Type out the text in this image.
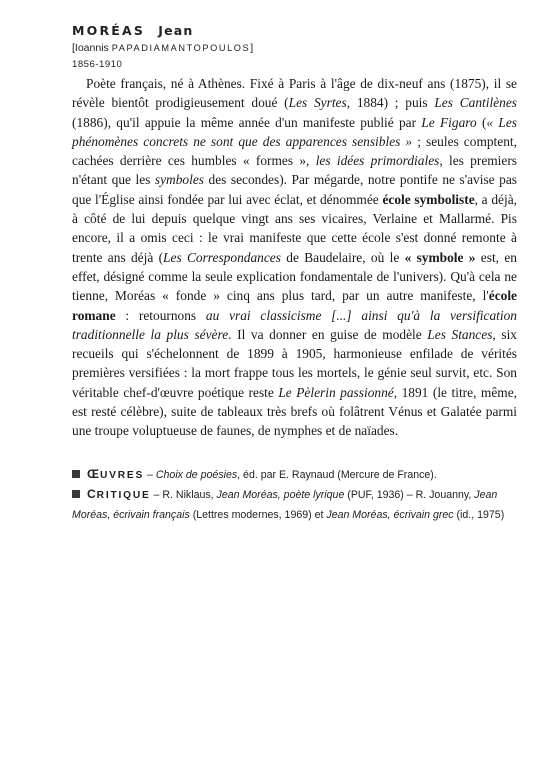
MORÉAS Jean
[Ioannis PAPADIAMANTOPOULOS]
1856-1910

Poète français, né à Athènes. Fixé à Paris à l'âge de dix-neuf ans (1875), il se révèle bientôt prodigieusement doué (Les Syrtes, 1884) ; puis Les Cantilènes (1886), qu'il appuie la même année d'un manifeste publié par Le Figaro (« Les phénomènes concrets ne sont que des apparences sensibles » ; seules comptent, cachées derrière ces humbles « formes », les idées primordiales, les premiers n'étant que les symboles des secondes). Par mégarde, notre pontife ne s'avise pas que l'Église ainsi fondée par lui avec éclat, et dénommée école symboliste, a déjà, à côté de lui depuis quelque vingt ans ses vicaires, Verlaine et Mallarmé. Pis encore, il a omis ceci : le vrai manifeste que cette école s'est donné remonte à trente ans déjà (Les Correspondances de Baudelaire, où le « symbole » est, en effet, désigné comme la seule explication fondamentale de l'univers). Qu'à cela ne tienne, Moréas « fonde » cinq ans plus tard, par un autre manifeste, l'école romane : retournons au vrai classicisme [...] ainsi qu'à la versification traditionnelle la plus sévère. Il va donner en guise de modèle Les Stances, six recueils qui s'échelonnent de 1899 à 1905, harmonieuse enfilade de vérités premières versifiées : la mort frappe tous les mortels, le génie seul survit, etc. Son véritable chef-d'œuvre poétique reste Le Pèlerin passionné, 1891 (le titre, même, est resté célèbre), suite de tableaux très brefs où folâtrent Vénus et Galatée parmi une troupe voluptueuse de faunes, de nymphes et de naïades.

ŒUVRES – Choix de poésies, éd. par E. Raynaud (Mercure de France).

CRITIQUE – R. Niklaus, Jean Moréas, poète lyrique (PUF, 1936) – R. Jouanny, Jean Moréas, écrivain français (Lettres modernes, 1969) et Jean Moréas, écrivain grec (id., 1975)
